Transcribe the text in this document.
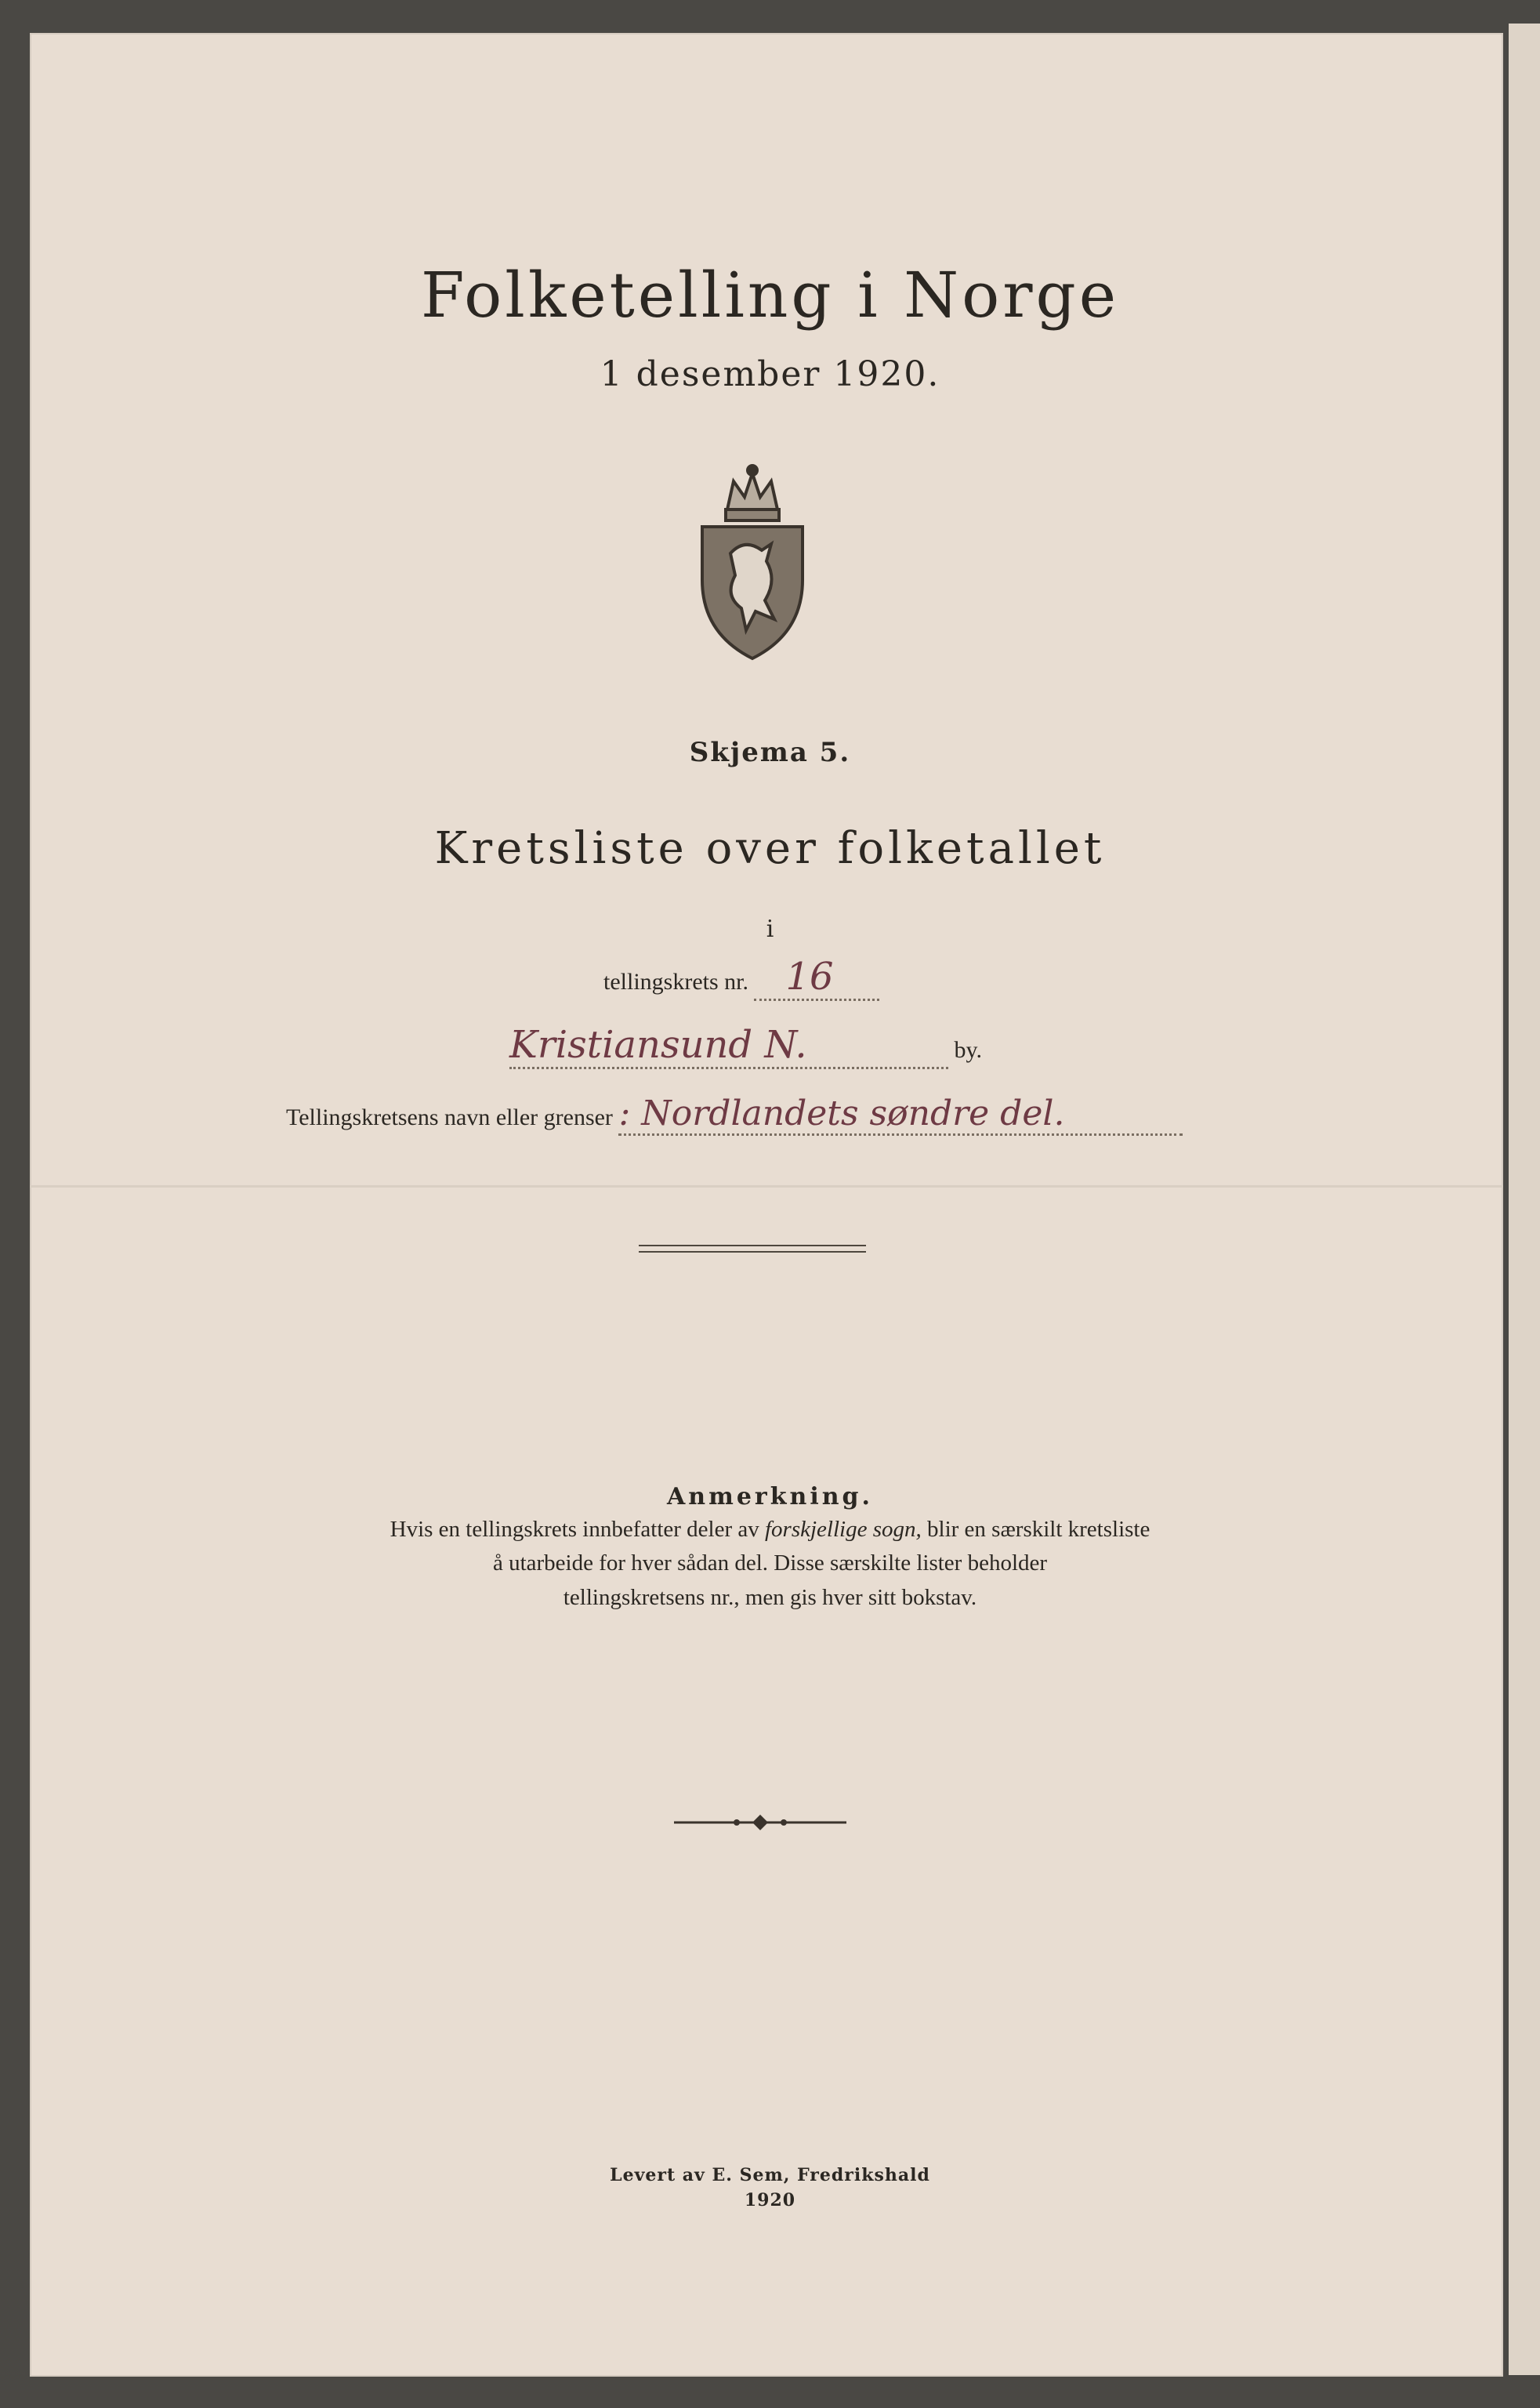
Folketelling i Norge
1 desember 1920.
Skjema 5.
Kretsliste over folketallet
i
tellingskrets nr. 16
Kristiansund N.	by.
Tellingskretsens navn eller grenser : Nordlandets søndre del.
Anmerkning.
Hvis en tellingskrets innbefatter deler av forskjellige sogn, blir en særskilt kretsliste
å utarbeide for hver sådan del. Disse særskilte lister beholder
tellingskretsens nr., men gis hver sitt bokstav.
Levert av E. Sem, Fredrikshald
1920
